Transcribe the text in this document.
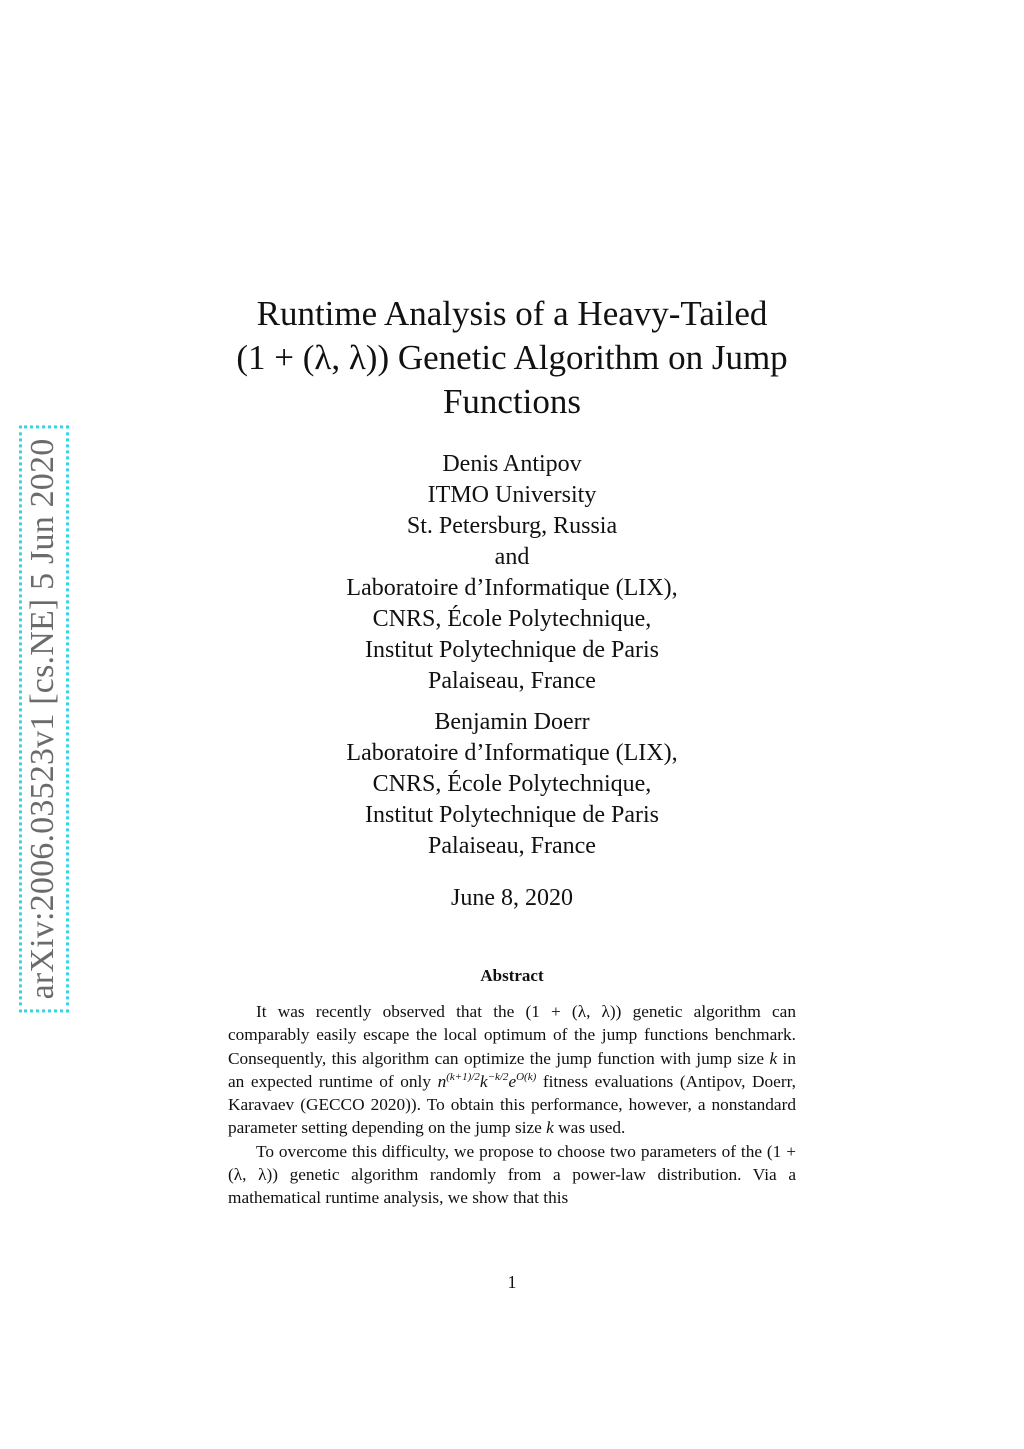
arXiv:2006.03523v1 [cs.NE] 5 Jun 2020
Runtime Analysis of a Heavy-Tailed
(1 + (λ, λ)) Genetic Algorithm on Jump
Functions
Denis Antipov
ITMO University
St. Petersburg, Russia
and
Laboratoire d’Informatique (LIX),
CNRS, École Polytechnique,
Institut Polytechnique de Paris
Palaiseau, France
Benjamin Doerr
Laboratoire d’Informatique (LIX),
CNRS, École Polytechnique,
Institut Polytechnique de Paris
Palaiseau, France
June 8, 2020
Abstract

It was recently observed that the (1 + (λ, λ)) genetic algorithm can comparably easily escape the local optimum of the jump functions benchmark. Consequently, this algorithm can optimize the jump function with jump size k in an expected runtime of only $n^{(k+1)/2}k^{-k/2}e^{O(k)}$ fitness evaluations (Antipov, Doerr, Karavaev (GECCO 2020)). To obtain this performance, however, a nonstandard parameter setting depending on the jump size k was used.

To overcome this difficulty, we propose to choose two parameters of the (1 + (λ, λ)) genetic algorithm randomly from a power-law distribution. Via a mathematical runtime analysis, we show that this

1
